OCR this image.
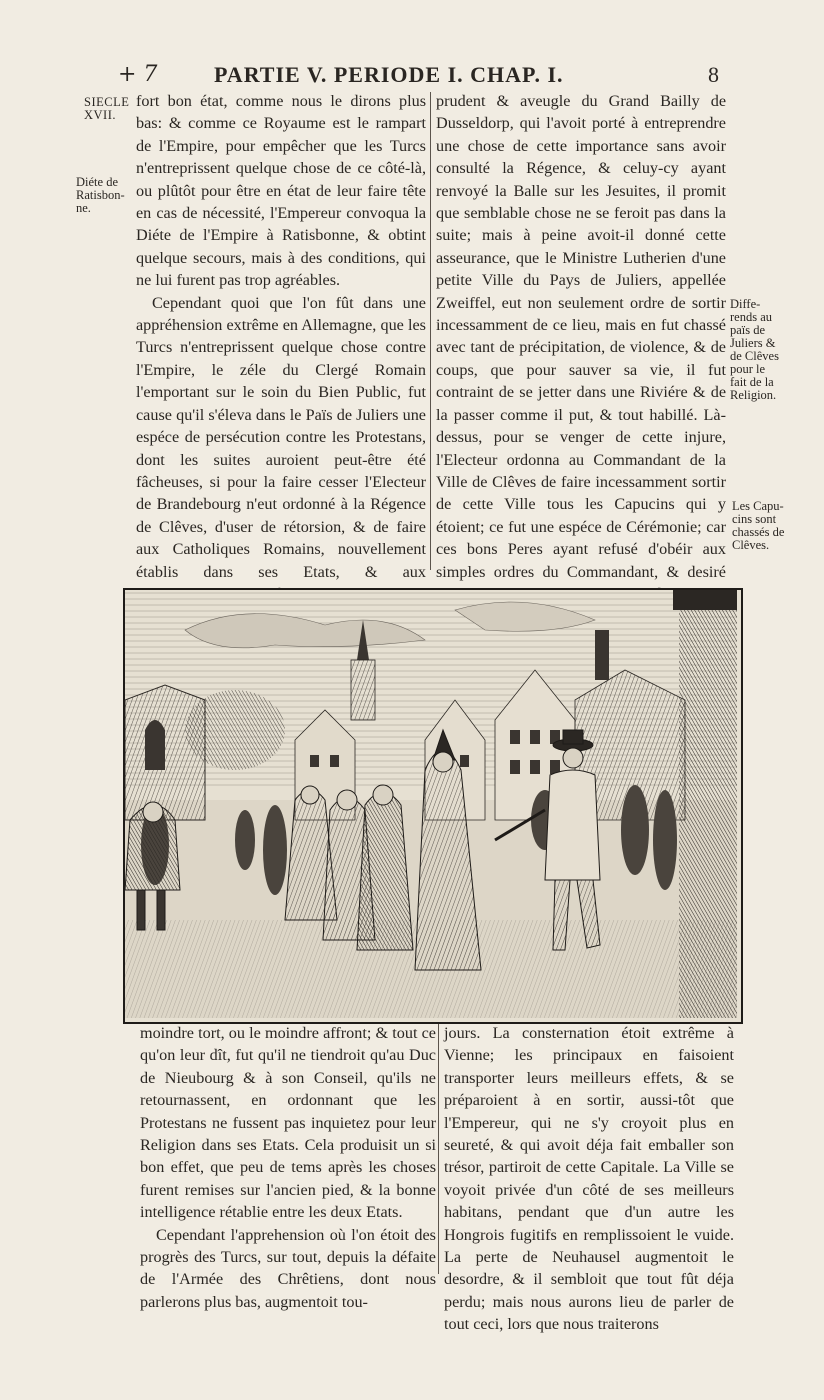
+ 7	PARTIE V. PERIODE I. CHAP. I.	8
SIECLE
XVII.
Diéte de
Ratisbon-
ne.
Diffe-
rends au
païs de
Juliers &
de Clêves
pour le
fait de la
Religion.
Les Capu-
cins sont
chassés de
Clêves.

fort bon état, comme nous le dirons plus bas: & comme ce Royaume est le rampart de l'Empire, pour empêcher que les Turcs n'entreprissent quelque chose de ce côté-là, ou plûtôt pour être en état de leur faire tête en cas de nécessité, l'Empereur convoqua la Diéte de l'Empire à Ratisbonne, & obtint quelque secours, mais à des conditions, qui ne lui furent pas trop agréables.

Cependant quoi que l'on fût dans une appréhension extrême en Allemagne, que les Turcs n'entreprissent quelque chose contre l'Empire, le zéle du Clergé Romain l'emportant sur le soin du Bien Public, fut cause qu'il s'éleva dans le Païs de Juliers une espéce de persécution contre les Protestans, dont les suites auroient peut-être été fâcheuses, si pour la faire cesser l'Electeur de Brandebourg n'eut ordonné à la Régence de Clêves, d'user de rétorsion, & de faire aux Catholiques Romains, nouvellement établis dans ses Etats, & aux

prudent & aveugle du Grand Bailly de Dusseldorp, qui l'avoit porté à entreprendre une chose de cette importance sans avoir consulté la Régence, & celuy-cy ayant renvoyé la Balle sur les Jesuites, il promit que semblable chose ne se feroit pas dans la suite; mais à peine avoit-il donné cette asseurance, que le Ministre Lutherien d'une petite Ville du Pays de Juliers, appellée Zweiffel, eut non seulement ordre de sortir incessamment de ce lieu, mais en fut chassé avec tant de précipitation, de violence, & de coups, que pour sauver sa vie, il fut contraint de se jetter dans une Riviére & de la passer comme il put, & tout habillé. Là-dessus, pour se venger de cette injure, l'Electeur ordonna au Commandant de la Ville de Clêves de faire incessamment sortir de cette Ville tous les Capucins qui y étoient; ce fut une espéce de Cérémonie; car ces bons Peres ayant refusé d'obéir aux simples ordres du Commandant, & desiré

moindre tort, ou le moindre affront; & tout ce qu'on leur dît, fut qu'il ne tiendroit qu'au Duc de Nieubourg & à son Conseil, qu'ils ne retournassent, en ordonnant que les Protestans ne fussent pas inquietez pour leur Religion dans ses Etats. Cela produisit un si bon effet, que peu de tems après les choses furent remises sur l'ancien pied, & la bonne intelligence rétablie entre les deux Etats.

Cependant l'apprehension où l'on étoit des progrès des Turcs, sur tout, depuis la défaite de l'Armée des Chrêtiens, dont nous parlerons plus bas, augmentoit tou-

jours. La consternation étoit extrême à Vienne; les principaux en faisoient transporter leurs meilleurs effets, & se préparoient à en sortir, aussi-tôt que l'Empereur, qui ne s'y croyoit plus en seureté, & qui avoit déja fait emballer son trésor, partiroit de cette Capitale. La Ville se voyoit privée d'un côté de ses meilleurs habitans, pendant que d'un autre les Hongrois fugitifs en remplissoient le vuide. La perte de Neuhausel augmentoit le desordre, & il sembloit que tout fût déja perdu; mais nous aurons lieu de parler de tout ceci, lors que nous traiterons
